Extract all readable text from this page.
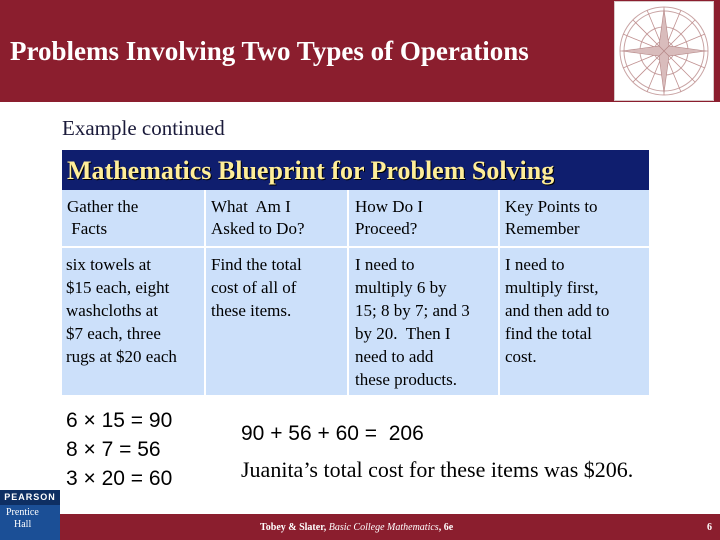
Problems Involving Two Types of Operations
Example continued
Mathematics Blueprint for Problem Solving
Gather the
Facts
What  Am I
Asked to Do?
How Do I
Proceed?
Key Points to
Remember
six towels at
$15 each, eight
washcloths at
$7 each, three
rugs at $20 each
Find the total
cost of all of
these items.
I need to
multiply 6 by
15; 8 by 7; and 3
by 20.  Then I
need to add
these products.
I need to
multiply first,
and then add to
find the total
cost.
6 × 15 = 90
8 × 7 = 56
3 × 20 = 60
90 + 56 + 60 =  206
Juanita’s total cost for these items was $206.
Tobey & Slater, Basic College Mathematics, 6e	6
PEARSON
Prentice
Hall
